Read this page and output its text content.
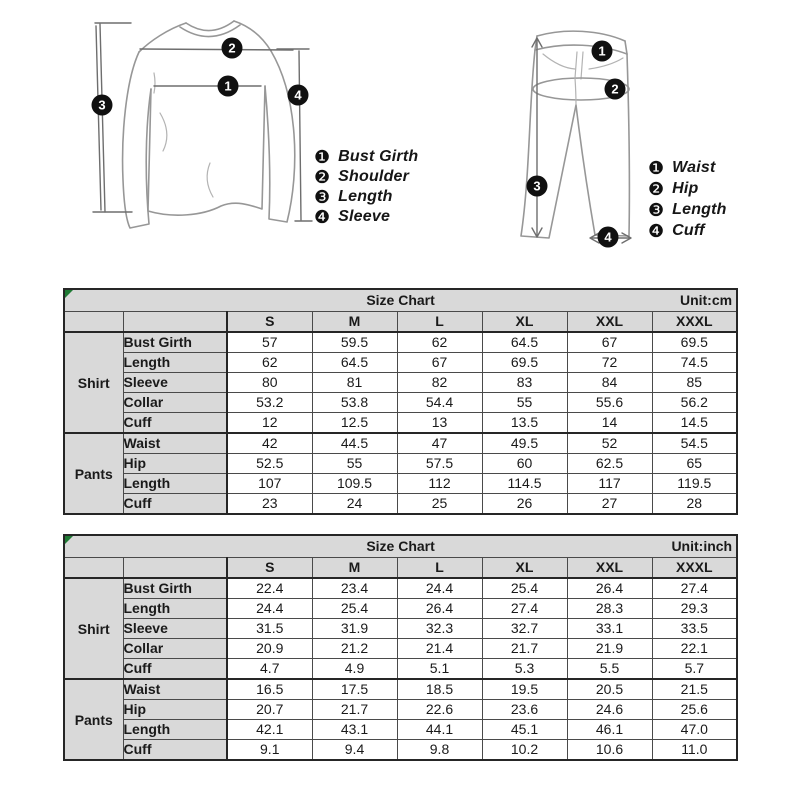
1
2
3
4
❶ Bust Girth
❷ Shoulder
❸ Length
❹ Sleeve
1
2
3
4
❶ Waist
❷ Hip
❸ Length
❹ Cuff
Size Chart Unit:cm							

		S	M	L	XL	XXL	XXXL
Shirt	Bust Girth	57	59.5	62	64.5	67	69.5
	Length	62	64.5	67	69.5	72	74.5
	Sleeve	80	81	82	83	84	85
	Collar	53.2	53.8	54.4	55	55.6	56.2
	Cuff	12	12.5	13	13.5	14	14.5
Pants	Waist	42	44.5	47	49.5	52	54.5
	Hip	52.5	55	57.5	60	62.5	65
	Length	107	109.5	112	114.5	117	119.5
	Cuff	23	24	25	26	27	28
Size Chart Unit:inch							

		S	M	L	XL	XXL	XXXL
Shirt	Bust Girth	22.4	23.4	24.4	25.4	26.4	27.4
	Length	24.4	25.4	26.4	27.4	28.3	29.3
	Sleeve	31.5	31.9	32.3	32.7	33.1	33.5
	Collar	20.9	21.2	21.4	21.7	21.9	22.1
	Cuff	4.7	4.9	5.1	5.3	5.5	5.7
Pants	Waist	16.5	17.5	18.5	19.5	20.5	21.5
	Hip	20.7	21.7	22.6	23.6	24.6	25.6
	Length	42.1	43.1	44.1	45.1	46.1	47.0
	Cuff	9.1	9.4	9.8	10.2	10.6	11.0
